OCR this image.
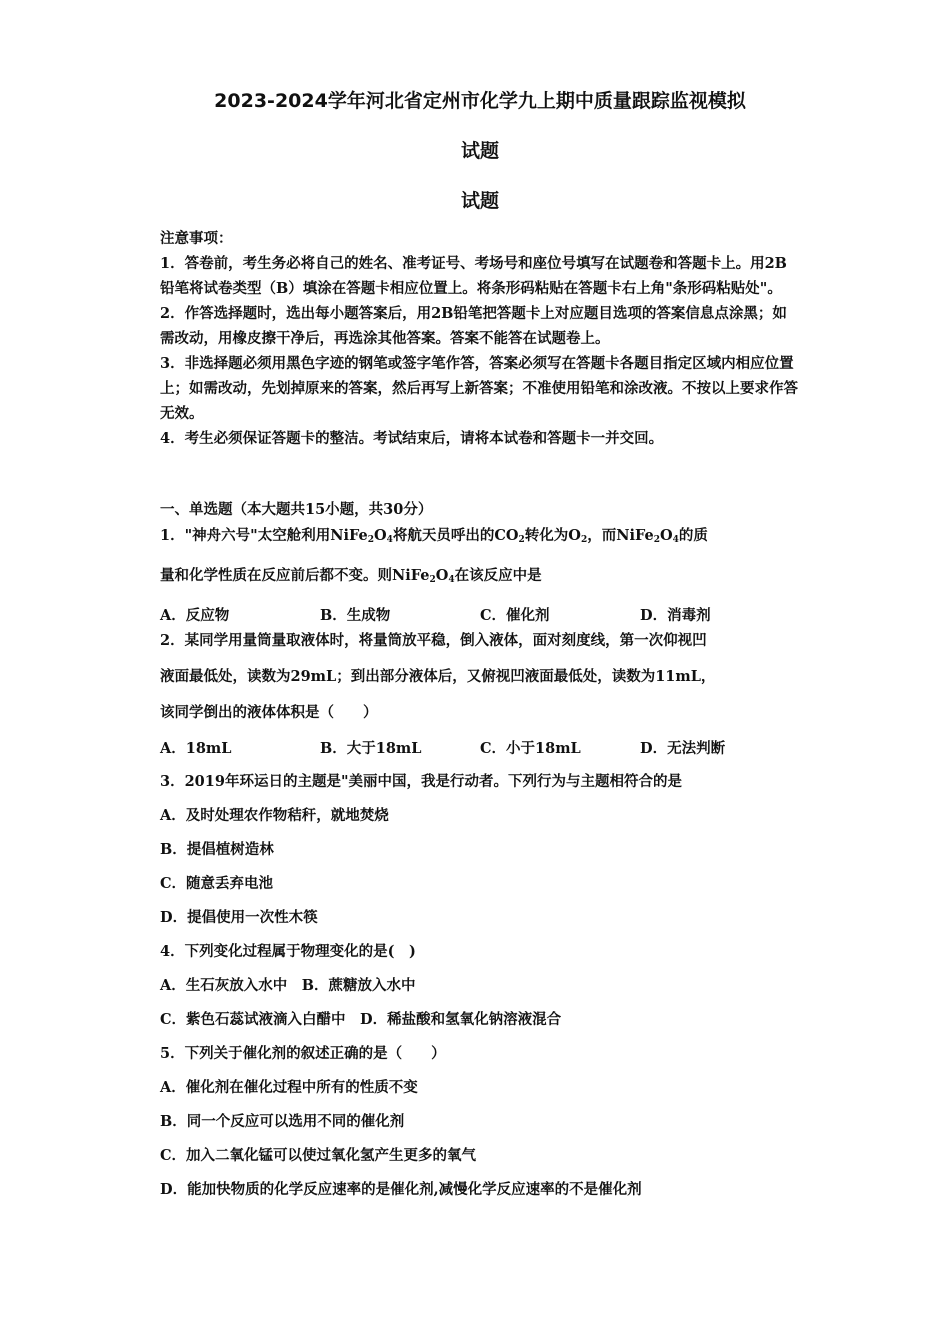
2023-2024学年河北省定州市化学九上期中质量跟踪监视模拟
试题
试题

注意事项：

1．答卷前，考生务必将自己的姓名、准考证号、考场号和座位号填写在试题卷和答题卡上。用2B铅笔将试卷类型（B）填涂在答题卡相应位置上。将条形码粘贴在答题卡右上角"条形码粘贴处"。

2．作答选择题时，选出每小题答案后，用2B铅笔把答题卡上对应题目选项的答案信息点涂黑；如需改动，用橡皮擦干净后，再选涂其他答案。答案不能答在试题卷上。

3．非选择题必须用黑色字迹的钢笔或签字笔作答，答案必须写在答题卡各题目指定区域内相应位置上；如需改动，先划掉原来的答案，然后再写上新答案；不准使用铅笔和涂改液。不按以上要求作答无效。

4．考生必须保证答题卡的整洁。考试结束后，请将本试卷和答题卡一并交回。

一、单选题（本大题共15小题，共30分）
1．"神舟六号"太空舱利用$NiFe_2O_4$将航天员呼出的$CO_2$转化为$O_2$，而$NiFe_2O_4$的质
量和化学性质在反应前后都不变。则$NiFe_2O_4$在该反应中是
A．反应物	B．生成物	C．催化剂	D．消毒剂
2．某同学用量筒量取液体时，将量筒放平稳，倒入液体，面对刻度线，第一次仰视凹
液面最低处，读数为29mL；到出部分液体后，又俯视凹液面最低处，读数为11mL，
该同学倒出的液体体积是（　　）
A．18mL	B．大于18mL	C．小于18mL	D．无法判断
3．2019年环运日的主题是"美丽中国，我是行动者。下列行为与主题相符合的是
A．及时处理农作物秸秆，就地焚烧
B．提倡植树造林
C．随意丢弃电池
D．提倡使用一次性木筷
4．下列变化过程属于物理变化的是(　)
A．生石灰放入水中　B．蔗糖放入水中
C．紫色石蕊试液滴入白醋中　D．稀盐酸和氢氧化钠溶液混合
5．下列关于催化剂的叙述正确的是（　　）
A．催化剂在催化过程中所有的性质不变
B．同一个反应可以选用不同的催化剂
C．加入二氧化锰可以使过氧化氢产生更多的氧气
D．能加快物质的化学反应速率的是催化剂,减慢化学反应速率的不是催化剂
